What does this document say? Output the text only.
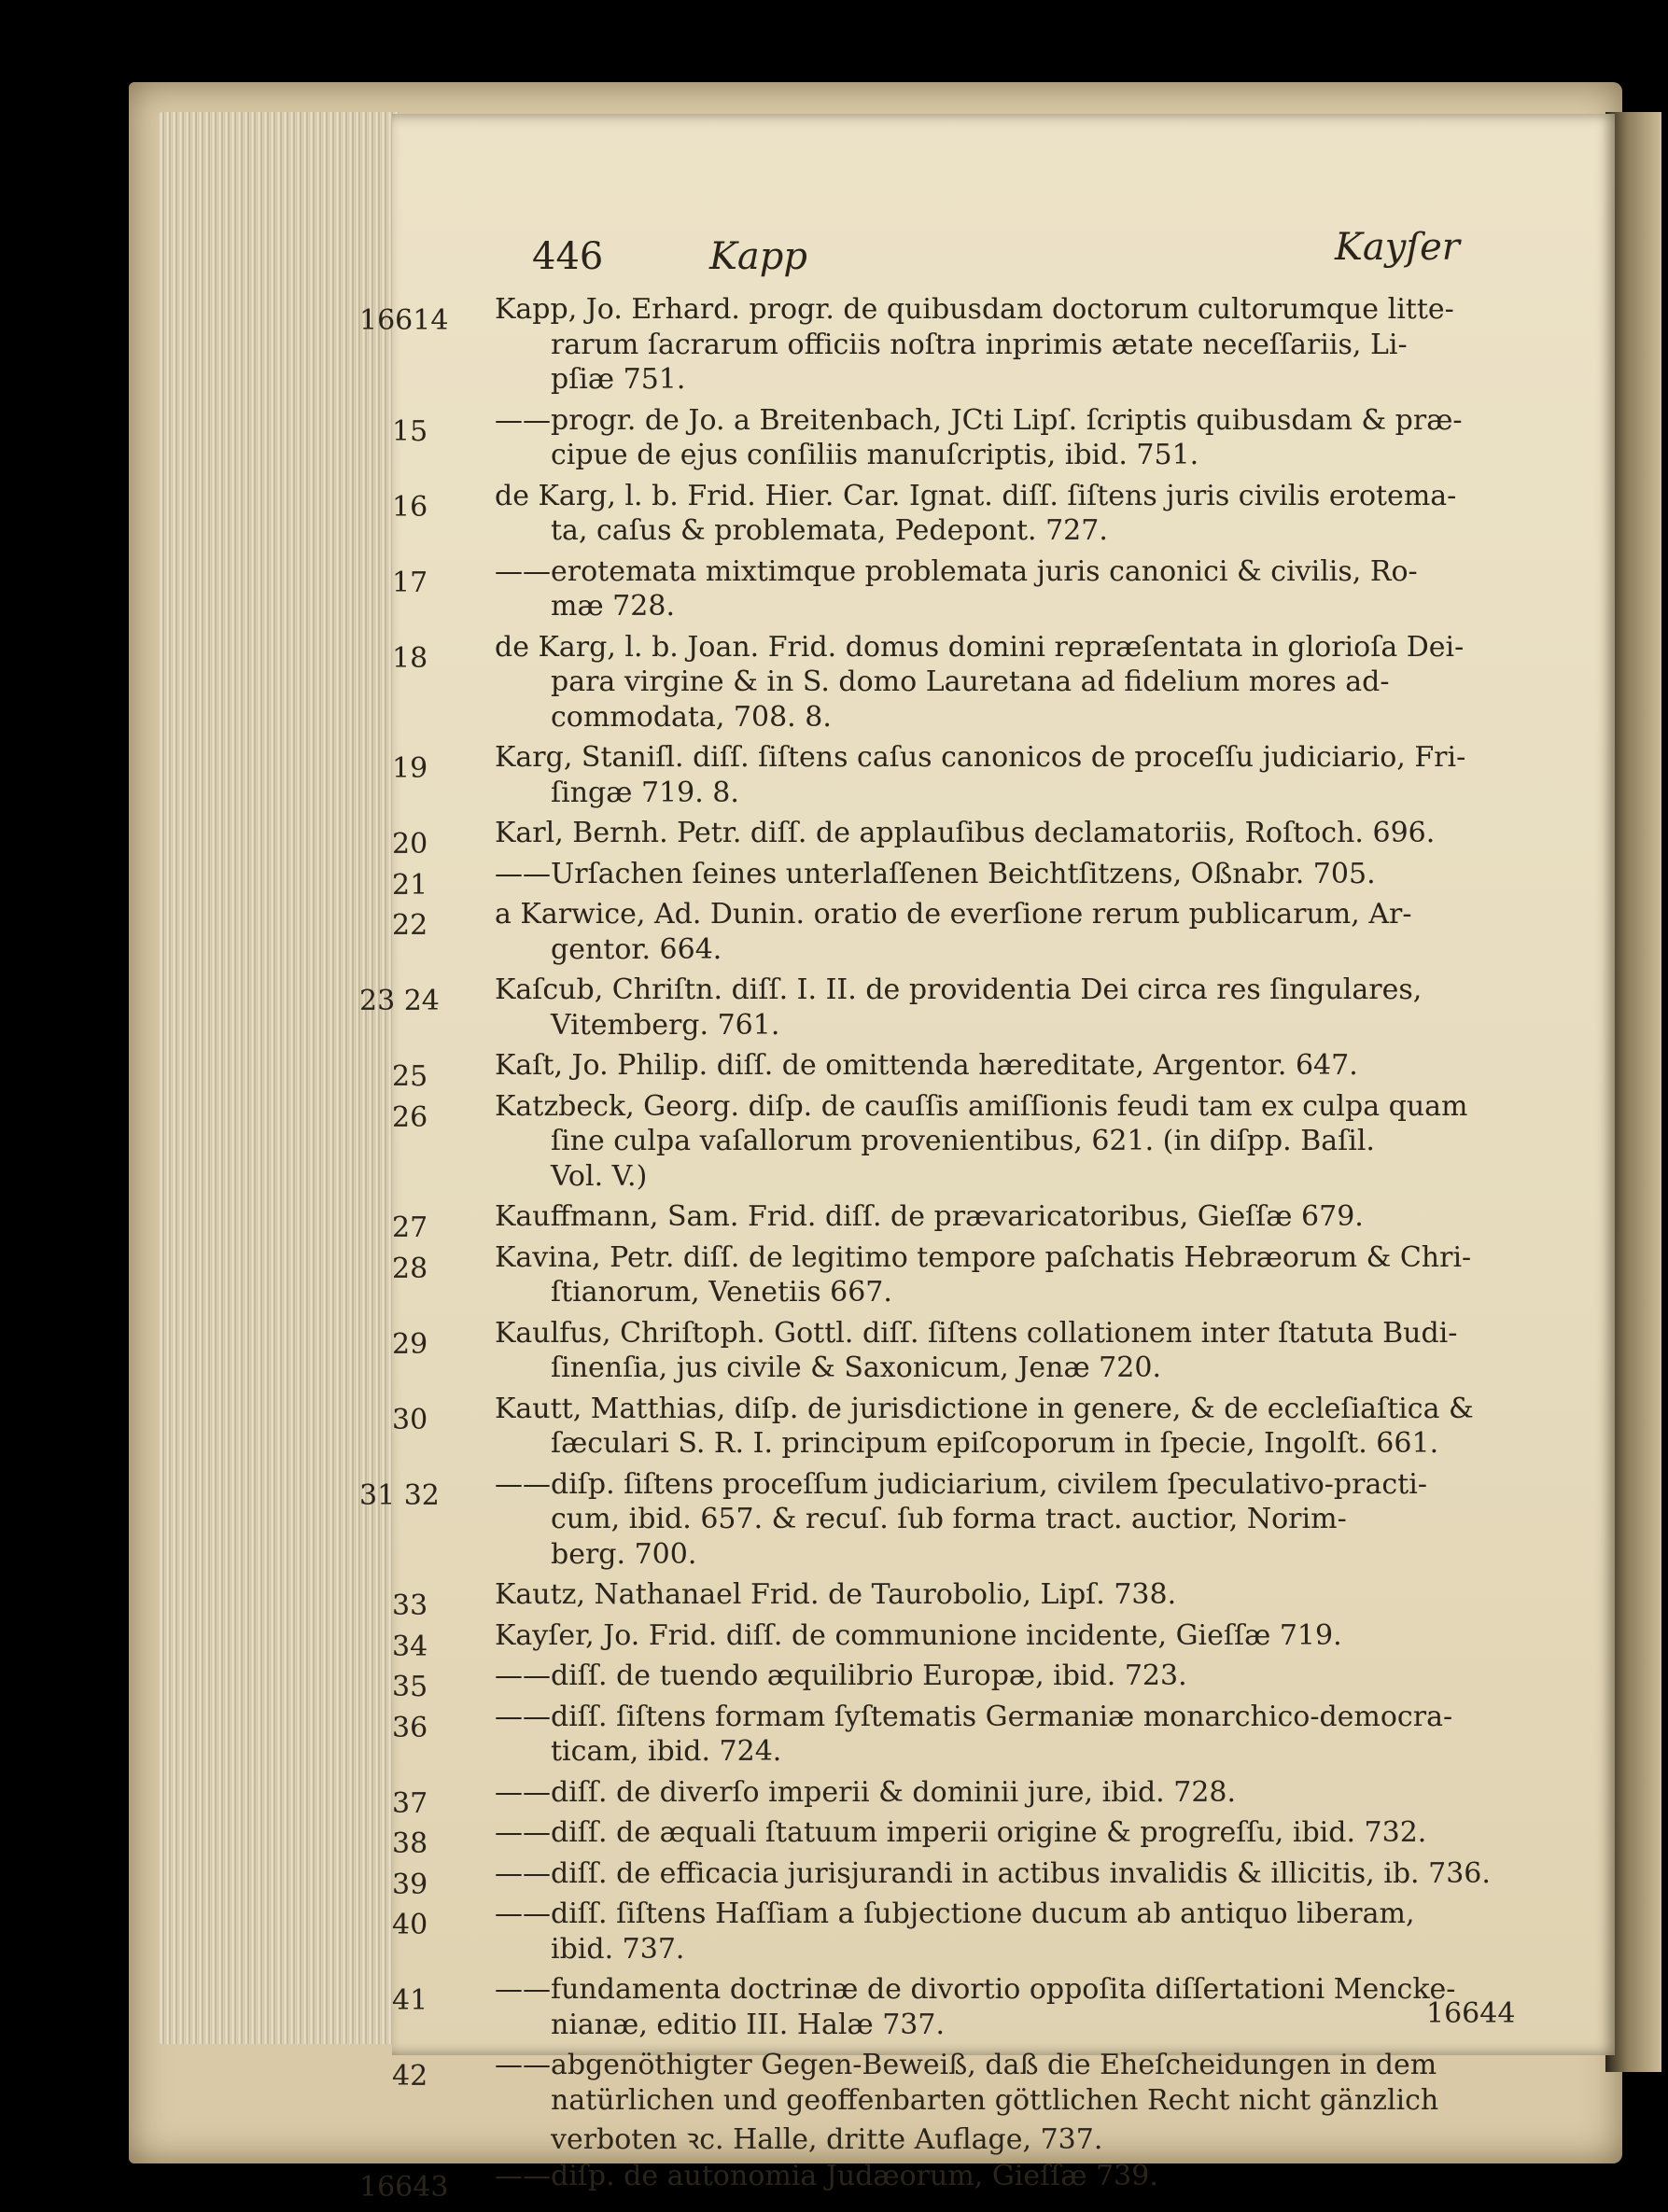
446	Kapp	Kayſer
16614 Kapp, Jo. Erhard. progr. de quibusdam doctorum cultorumque litte-
rarum ſacrarum officiis noſtra inprimis ætate neceſſariis, Li-
pſiæ 751.
15 ——progr. de Jo. a Breitenbach, JCti Lipſ. ſcriptis quibusdam & præ-
cipue de ejus conſiliis manuſcriptis, ibid. 751.
16 de Karg, l. b. Frid. Hier. Car. Ignat. diſſ. ſiſtens juris civilis erotema-
ta, caſus & problemata, Pedepont. 727.
17 ——erotemata mixtimque problemata juris canonici & civilis, Ro-
mæ 728.
18 de Karg, l. b. Joan. Frid. domus domini repræſentata in glorioſa Dei-
para virgine & in S. domo Lauretana ad fidelium mores ad-
commodata, 708. 8.
19 Karg, Staniſl. diſſ. ſiſtens caſus canonicos de proceſſu judiciario, Fri-
ſingæ 719. 8.
20 Karl, Bernh. Petr. diſſ. de applauſibus declamatoriis, Roſtoch. 696.
21 ——Urſachen ſeines unterlaſſenen Beichtſitzens, Oßnabr. 705.
22 a Karwice, Ad. Dunin. oratio de everſione rerum publicarum, Ar-
gentor. 664.
23 24 Kaſcub, Chriſtn. diſſ. I. II. de providentia Dei circa res ſingulares,
Vitemberg. 761.
25 Kaſt, Jo. Philip. diſſ. de omittenda hæreditate, Argentor. 647.
26 Katzbeck, Georg. diſp. de cauſſis amiſſionis feudi tam ex culpa quam
ſine culpa vaſallorum provenientibus, 621. (in diſpp. Baſil.
Vol. V.)
27 Kauffmann, Sam. Frid. diſſ. de prævaricatoribus, Gieſſæ 679.
28 Kavina, Petr. diſſ. de legitimo tempore paſchatis Hebræorum & Chri-
ſtianorum, Venetiis 667.
29 Kaulfus, Chriſtoph. Gottl. diſſ. ſiſtens collationem inter ſtatuta Budi-
ſinenſia, jus civile & Saxonicum, Jenæ 720.
30 Kautt, Matthias, diſp. de jurisdictione in genere, & de eccleſiaſtica &
ſæculari S. R. I. principum epiſcoporum in ſpecie, Ingolſt. 661.
31 32 ——diſp. ſiſtens proceſſum judiciarium, civilem ſpeculativo-practi-
cum, ibid. 657. & recuſ. ſub forma tract. auctior, Norim-
berg. 700.
33 Kautz, Nathanael Frid. de Taurobolio, Lipſ. 738.
34 Kayſer, Jo. Frid. diſſ. de communione incidente, Gieſſæ 719.
35 ——diſſ. de tuendo æquilibrio Europæ, ibid. 723.
36 ——diſſ. ſiſtens formam ſyſtematis Germaniæ monarchico-democra-
ticam, ibid. 724.
37 ——diſſ. de diverſo imperii & dominii jure, ibid. 728.
38 ——diſſ. de æquali ſtatuum imperii origine & progreſſu, ibid. 732.
39 ——diſſ. de efficacia jurisjurandi in actibus invalidis & illicitis, ib. 736.
40 ——diſſ. ſiſtens Haſſiam a ſubjectione ducum ab antiquo liberam,
ibid. 737.
41 ——fundamenta doctrinæ de divortio oppoſita diſſertationi Mencke-
nianæ, editio III. Halæ 737.
42 ——abgenöthigter Gegen-Beweiß, daß die Eheſcheidungen in dem
natürlichen und geoffenbarten göttlichen Recht nicht gänzlich
verboten ꝛc. Halle, dritte Auflage, 737.
16643 ——diſp. de autonomia Judæorum, Gieſſæ 739.
16644
